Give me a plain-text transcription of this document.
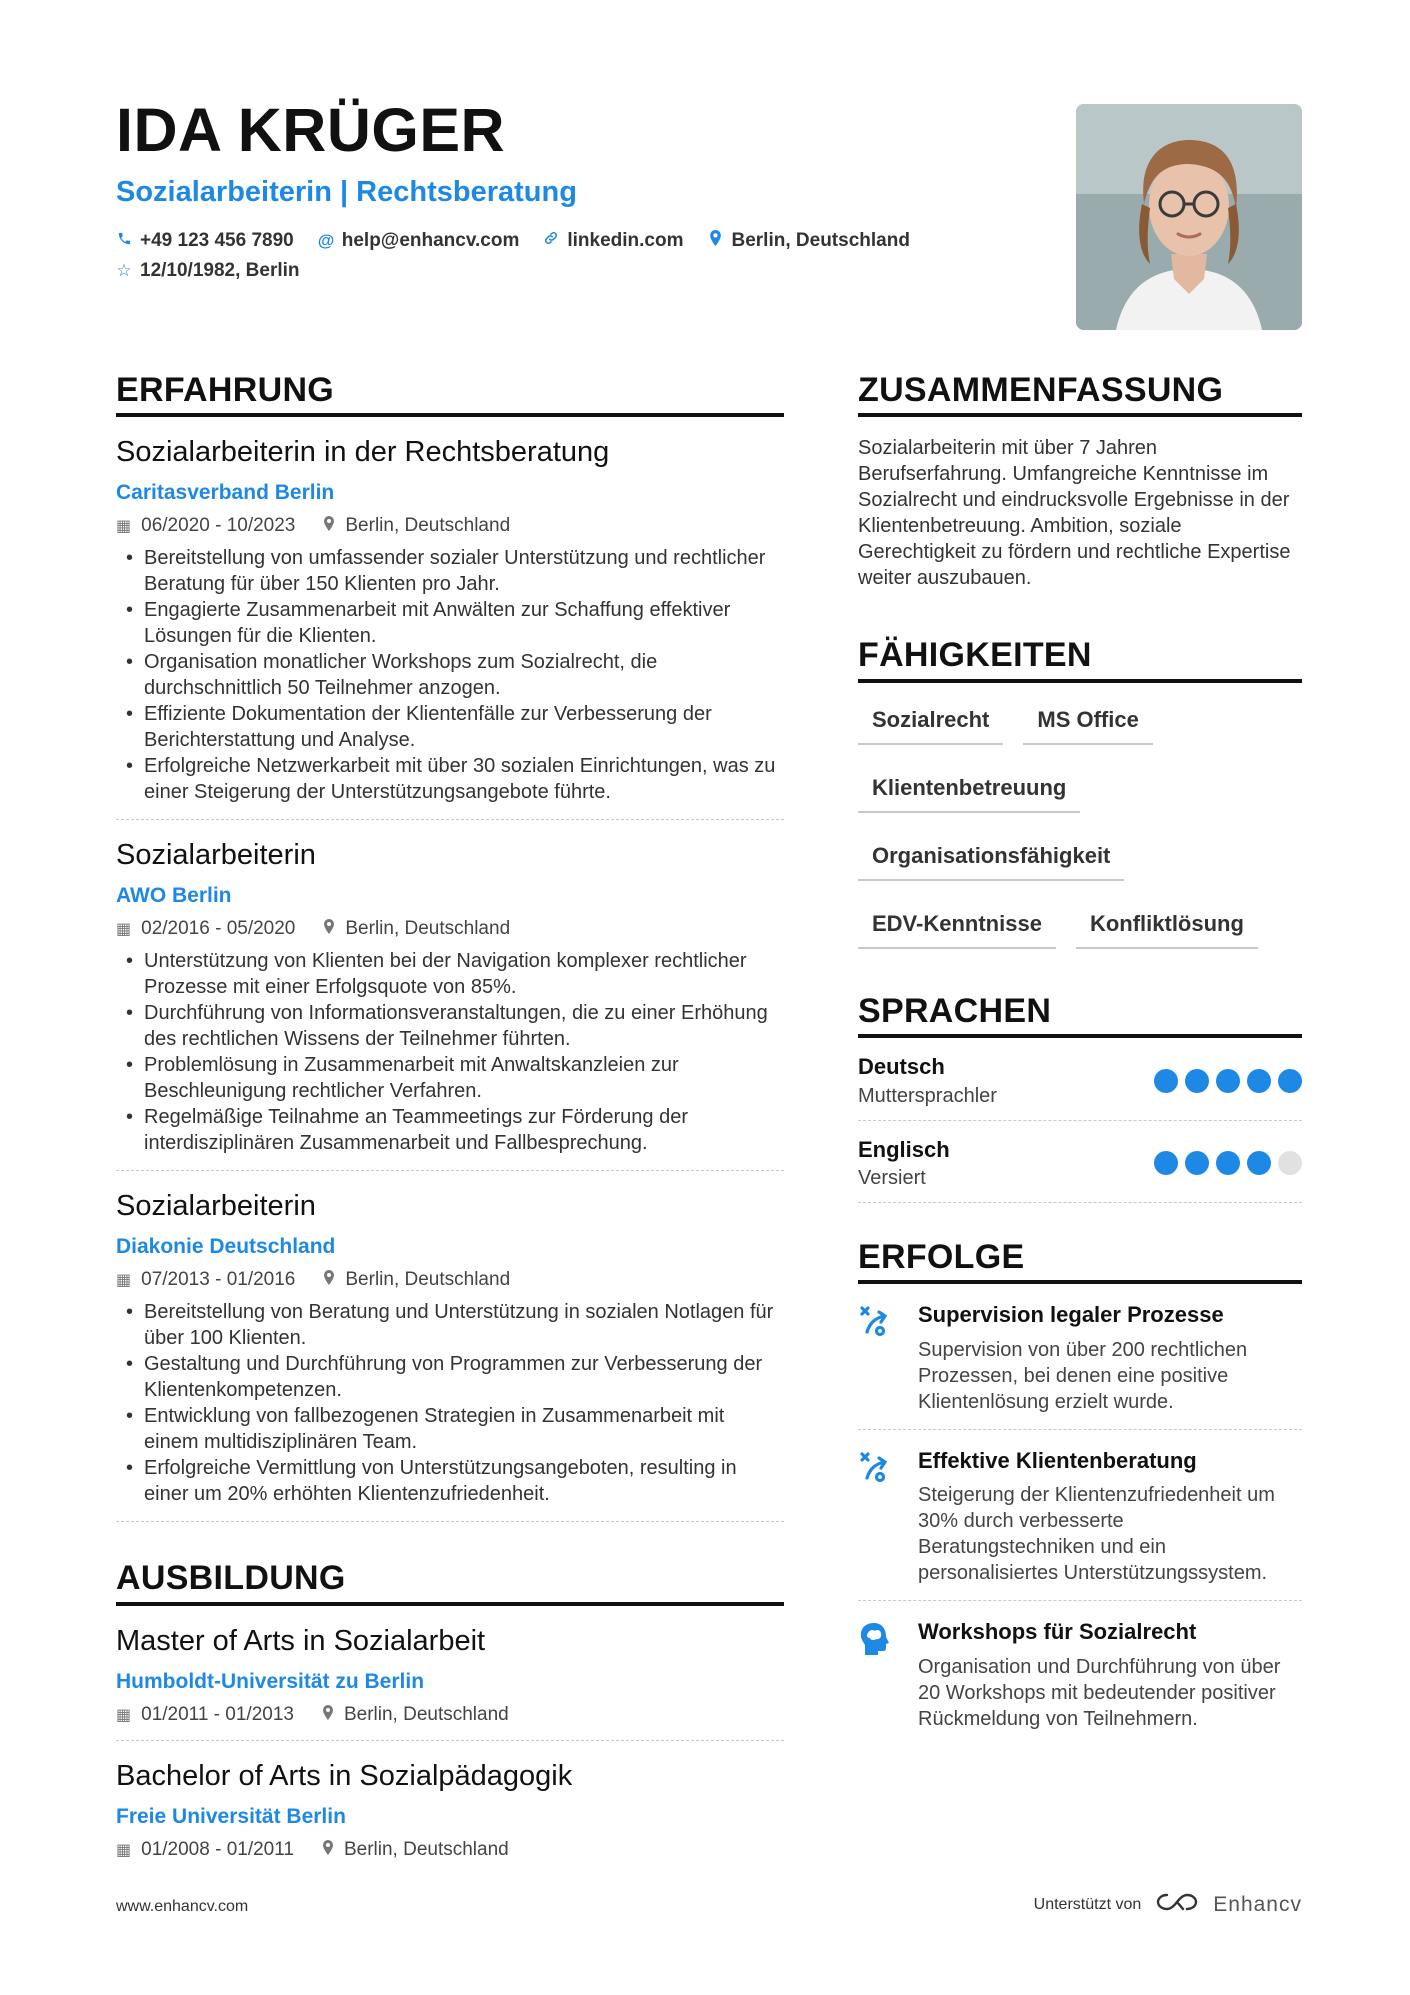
IDA KRÜGER
Sozialarbeiterin | Rechtsberatung
+49 123 456 7890 @ help@enhancv.com	linkedin.com	Berlin, Deutschland
☆ 12/10/1982, Berlin
ERFAHRUNG
Sozialarbeiterin in der Rechtsberatung
Caritasverband Berlin
▦ 06/2020 - 10/2023	Berlin, Deutschland
• Bereitstellung von umfassender sozialer Unterstützung und rechtlicher Beratung für über 150 Klienten pro Jahr.
• Engagierte Zusammenarbeit mit Anwälten zur Schaffung effektiver Lösungen für die Klienten.
• Organisation monatlicher Workshops zum Sozialrecht, die durchschnittlich 50 Teilnehmer anzogen.
• Effiziente Dokumentation der Klientenfälle zur Verbesserung der Berichterstattung und Analyse.
• Erfolgreiche Netzwerkarbeit mit über 30 sozialen Einrichtungen, was zu einer Steigerung der Unterstützungsangebote führte.
Sozialarbeiterin
AWO Berlin
▦ 02/2016 - 05/2020	Berlin, Deutschland
• Unterstützung von Klienten bei der Navigation komplexer rechtlicher Prozesse mit einer Erfolgsquote von 85%.
• Durchführung von Informationsveranstaltungen, die zu einer Erhöhung des rechtlichen Wissens der Teilnehmer führten.
• Problemlösung in Zusammenarbeit mit Anwaltskanzleien zur Beschleunigung rechtlicher Verfahren.
• Regelmäßige Teilnahme an Teammeetings zur Förderung der interdisziplinären Zusammenarbeit und Fallbesprechung.
Sozialarbeiterin
Diakonie Deutschland
▦ 07/2013 - 01/2016	Berlin, Deutschland
• Bereitstellung von Beratung und Unterstützung in sozialen Notlagen für über 100 Klienten.
• Gestaltung und Durchführung von Programmen zur Verbesserung der Klientenkompetenzen.
• Entwicklung von fallbezogenen Strategien in Zusammenarbeit mit einem multidisziplinären Team.
• Erfolgreiche Vermittlung von Unterstützungsangeboten, resulting in einer um 20% erhöhten Klientenzufriedenheit.
AUSBILDUNG
Master of Arts in Sozialarbeit
Humboldt-Universität zu Berlin
▦ 01/2011 - 01/2013	Berlin, Deutschland
Bachelor of Arts in Sozialpädagogik
Freie Universität Berlin
▦ 01/2008 - 01/2011	Berlin, Deutschland
ZUSAMMENFASSUNG
Sozialarbeiterin mit über 7 Jahren Berufserfahrung. Umfangreiche Kenntnisse im Sozialrecht und eindrucksvolle Ergebnisse in der Klientenbetreuung. Ambition, soziale Gerechtigkeit zu fördern und rechtliche Expertise weiter auszubauen.
FÄHIGKEITEN
Sozialrecht	MS Office
Klientenbetreuung
Organisationsfähigkeit
EDV-Kenntnisse	Konfliktlösung
SPRACHEN
Deutsch
Muttersprachler
Englisch
Versiert
ERFOLGE
Supervision legaler Prozesse
Supervision von über 200 rechtlichen Prozessen, bei denen eine positive Klientenlösung erzielt wurde.
Effektive Klientenberatung
Steigerung der Klientenzufriedenheit um 30% durch verbesserte Beratungstechniken und ein personalisiertes Unterstützungssystem.
Workshops für Sozialrecht
Organisation und Durchführung von über 20 Workshops mit bedeutender positiver Rückmeldung von Teilnehmern.
www.enhancv.com	Unterstützt von	Enhancv
